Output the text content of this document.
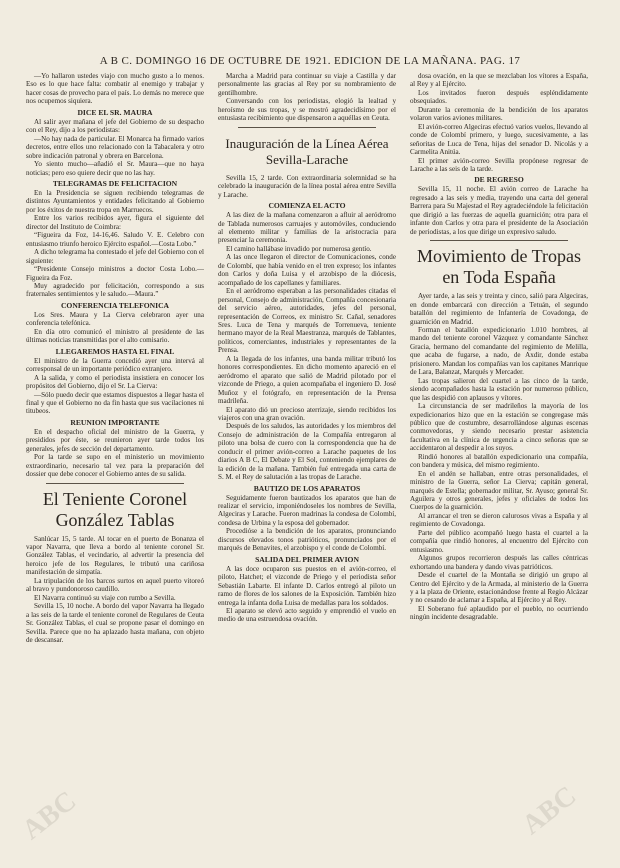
A B C. DOMINGO 16 DE OCTUBRE DE 1921. EDICION DE LA MAÑANA. PAG. 17

—Yo hallaron ustedes viajo con mucho gusto a lo menos. Eso es lo que hace falta: combatir al enemigo y trabajar y hacer cosas de provecho para el país. Lo demás no merece que nos ocupemos siquiera.

DICE EL SR. MAURA

Al salir ayer mañana el jefe del Gobierno de su despacho con el Rey, dijo a los periodistas:

—No hay nada de particular. El Monarca ha firmado varios decretos, entre ellos uno relacionado con la Tabacalera y otro sobre indicación patronal y obrera en Barcelona.

Yo siento mucho—añadió el Sr. Maura—que no haya noticias; pero eso quiere decir que no las hay.

TELEGRAMAS DE FELICITACION

En la Presidencia se siguen recibiendo telegramas de distintos Ayuntamientos y entidades felicitando al Gobierno por los éxitos de nuestra tropa en Marruecos.

Entre los varios recibidos ayer, figura el siguiente del director del Instituto de Coimbra:

“Figueira da Foz, 14-16,46. Saludo V. E. Celebro con entusiasmo triunfo heroico Ejército español.—Costa Lobo.”

A dicho telegrama ha contestado el jefe del Gobierno con el siguiente:

“Presidente Consejo ministros a doctor Costa Lobo.—Figueira da Foz.

Muy agradecido por felicitación, correspondo a sus fraternales sentimientos y le saludo.—Maura.”

CONFERENCIA TELEFONICA

Los Sres. Maura y La Cierva celebraron ayer una conferencia telefónica.

En día otro comunicó el ministro al presidente de las últimas noticias transmitidas por el alto comisario.

LLEGAREMOS HASTA EL FINAL

El ministro de la Guerra concedió ayer una intervá al corresponsal de un importante periódico extranjero.

A la salida, y como el periodista insistiera en conocer los propósitos del Gobierno, dijo el Sr. La Cierva:

—Sólo puedo decir que estamos dispuestos a llegar hasta el final y que el Gobierno no da fin hasta que sus vacilaciones ni titubeos.

REUNION IMPORTANTE

En el despacho oficial del ministro de la Guerra, y presididos por éste, se reunieron ayer tarde todos los generales, jefes de sección del departamento.

Por la tarde se supo en el ministerio un movimiento extraordinario, necesario tal vez para la preparación del dossier que debe conocer el Gobierno antes de su salida.

El Teniente Coronel González Tablas

Sanlúcar 15, 5 tarde. Al tocar en el puerto de Bonanza el vapor Navarra, que lleva a bordo al teniente coronel Sr. González Tablas, el vecindario, al advertir la presencia del heroico jefe de los Regulares, le tributó una cariñosa manifestación de simpatía.

La tripulación de los barcos surtos en aquel puerto vitoreó al bravo y pundonoroso caudillo.

El Navarra continuó su viaje con rumbo a Sevilla.

Sevilla 15, 10 noche. A bordo del vapor Navarra ha llegado a las seis de la tarde el teniente coronel de Regulares de Ceuta Sr. González Tablas, el cual se propone pasar el domingo en Sevilla. Parece que no ha aplazado hasta mañana, con objeto de descansar.

Marcha a Madrid para continuar su viaje a Castilla y dar personalmente las gracias al Rey por su nombramiento de gentilhombre.

Conversando con los periodistas, elogió la lealtad y heroísmo de sus tropas, y se mostró agradecidísimo por el entusiasta recibimiento que dispensaron a aquéllas en Ceuta.

Inauguración de la Línea Aérea Sevilla-Larache

Sevilla 15, 2 tarde. Con extraordinaria solemnidad se ha celebrado la inauguración de la línea postal aérea entre Sevilla y Larache.

COMIENZA EL ACTO

A las diez de la mañana comenzaron a afluir al aeródromo de Tablada numerosos carruajes y automóviles, conduciendo al elemento militar y familias de la aristocracia para presenciar la ceremonia.

El camino hallábase invadido por numerosa gentío.

A las once llegaron el director de Comunicaciones, conde de Colombí, que había venido en el tren expreso; los infantes don Carlos y doña Luisa y el arzobispo de la diócesis, acompañado de los capellanes y familiares.

En el aeródromo esperaban a las personalidades citadas el personal, Consejo de administración, Compañía concesionaria del servicio aéreo, autoridades, jefes del personal, representación de Correos, ex ministro Sr. Cañal, senadores Sres. Luca de Tena y marqués de Torrenueva, teniente hermano mayor de la Real Maestranza, marqués de Tablantes, políticos, comerciantes, industriales y representantes de la Prensa.

A la llegada de los infantes, una banda militar tributó los honores correspondientes. En dicho momento apareció en el aeródromo el aparato que salió de Madrid pilotado por el vizconde de Priego, a quien acompañaba el ingeniero D. José Muñoz y el fotógrafo, en representación de la Prensa madrileña.

El aparato dió un precioso aterrizaje, siendo recibidos los viajeros con una gran ovación.

Después de los saludos, las autoridades y los miembros del Consejo de administración de la Compañía entregaron al piloto una bolsa de cuero con la correspondencia que ha de conducir el primer avión-correo a Larache paquetes de los diarios A B C, El Debate y El Sol, conteniendo ejemplares de la edición de la mañana. También fué entregada una carta de S. M. el Rey de salutación a las tropas de Larache.

BAUTIZO DE LOS APARATOS

Seguidamente fueron bautizados los aparatos que han de realizar el servicio, imponiéndoseles los nombres de Sevilla, Algeciras y Larache. Fueron madrinas la condesa de Colombí, condesa de Urbina y la esposa del gobernador.

Procedióse a la bendición de los aparatos, pronunciando discursos elevados tonos patrióticos, pronunciados por el marqués de Benavites, el arzobispo y el conde de Colombí.

SALIDA DEL PRIMER AVION

A las doce ocuparon sus puestos en el avión-correo, el piloto, Hatchet; el vizconde de Priego y el periodista señor Sebastián Labarte. El infante D. Carlos entregó al piloto un ramo de flores de los salones de la Exposición. También hizo entrega la infanta doña Luisa de medallas para los soldados.

El aparato se elevó acto seguido y emprendió el vuelo en medio de una estruendosa ovación.

dosa ovación, en la que se mezclaban los vítores a España, al Rey y al Ejército.

Los invitados fueron después espléndidamente obsequiados.

Durante la ceremonia de la bendición de los aparatos volaron varios aviones militares.

El avión-correo Algeciras efectuó varios vuelos, llevando al conde de Colombí primero, y luego, sucesivamente, a las señoritas de Luca de Tena, hijas del senador D. Nicolás y a Carmelita Anitúa.

El primer avión-correo Sevilla propónese regresar de Larache a las seis de la tarde.

DE REGRESO

Sevilla 15, 11 noche. El avión correo de Larache ha regresado a las seis y media, trayendo una carta del general Barrera para Su Majestad el Rey agradeciéndole la felicitación que dirigió a las fuerzas de aquella guarnición; otra para el infante don Carlos y otra para el presidente de la Asociación de periodistas, a los que dirige un expresivo saludo.

Movimiento de Tropas en Toda España

Ayer tarde, a las seis y treinta y cinco, salió para Algeciras, en donde embarcará con dirección a Tetuán, el segundo batallón del regimiento de Infantería de Covadonga, de guarnición en Madrid.

Forman el batallón expedicionario 1.010 hombres, al mando del teniente coronel Vázquez y comandante Sánchez Gracia, hermano del comandante del regimiento de Melilla, que acaba de fugarse, a nado, de Axdir, donde estaba prisionero. Mandan los compañías van los capitanes Manrique de Lara, Balanzat, Marqués y Mercader.

Las tropas salieron del cuartel a las cinco de la tarde, siendo acompañados hasta la estación por numeroso público, que las despidió con aplausos y vítores.

La circunstancia de ser madrileños la mayoría de los expedicionarios hizo que en la estación se congregase más público que de costumbre, desarrollándose algunas escenas conmovedoras, y siendo necesario prestar asistencia facultativa en la clínica de urgencia a cinco señoras que se accidentaron al despedir a los suyos.

Rindió honores al batallón expedicionario una compañía, con bandera y música, del mismo regimiento.

En el andén se hallaban, entre otras personalidades, el ministro de la Guerra, señor La Cierva; capitán general, marqués de Estella; gobernador militar, Sr. Ayuso; general Sr. Aguilera y otros generales, jefes y oficiales de todos los Cuerpos de la guarnición.

Al arrancar el tren se dieron calurosos vivas a España y al regimiento de Covadonga.

Parte del público acompañó luego hasta el cuartel a la compañía que rindió honores, al encuentro del Ejército con entusiasmo.

Algunos grupos recorrieron después las calles céntricas exhortando una bandera y dando vivas patrióticos.

Desde el cuartel de la Montaña se dirigió un grupo al Centro del Ejército y de la Armada, al ministerio de la Guerra y a la plaza de Oriente, estacionándose frente al Regio Alcázar y no cesando de aclamar a España, al Ejército y al Rey.

El Soberano fué aplaudido por el pueblo, no ocurriendo ningún incidente desagradable.

ABC	ABC
